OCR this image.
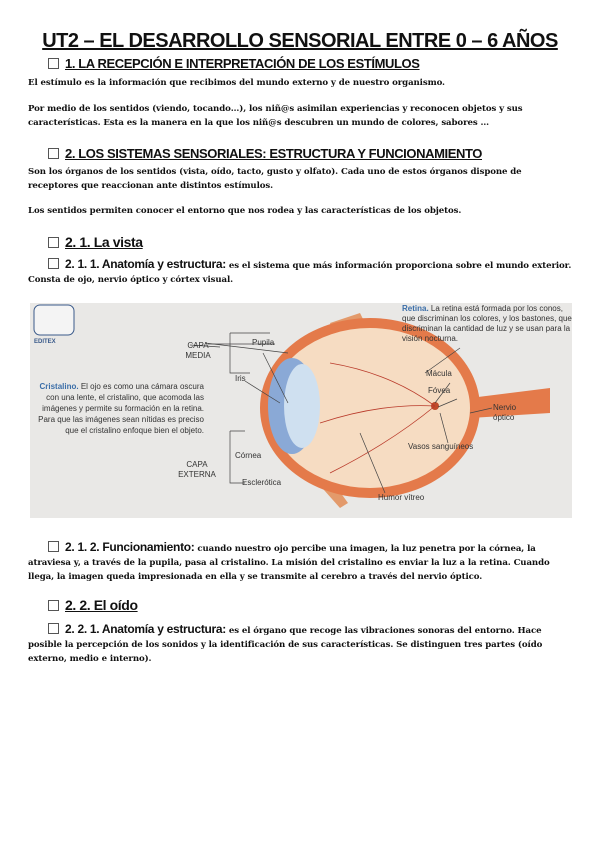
UT2 – EL DESARROLLO SENSORIAL ENTRE 0 – 6 AÑOS
1. LA RECEPCIÓN E INTERPRETACIÓN DE LOS ESTÍMULOS
El estímulo es la información que recibimos del mundo externo y de nuestro organismo.
Por medio de los sentidos (viendo, tocando…), los niñ@s asimilan experiencias y reconocen objetos y sus características. Esta es la manera en la que los niñ@s descubren un mundo de colores, sabores …
2. LOS SISTEMAS SENSORIALES: ESTRUCTURA Y FUNCIONAMIENTO
Son los órganos de los sentidos (vista, oído, tacto, gusto y olfato). Cada uno de estos órganos dispone de receptores que reaccionan ante distintos estímulos.
Los sentidos permiten conocer el entorno que nos rodea y las características de los objetos.
2. 1. La vista
2. 1. 1. Anatomía y estructura: es el sistema que más información proporciona sobre el mundo exterior. Consta de ojo, nervio óptico y córtex visual.
EDITEX	CAPA MEDIA
Pupila
Iris
Cristalino. El ojo es como una cámara oscura con una lente, el cristalino, que acomoda las imágenes y permite su formación en la retina. Para que las imágenes sean nítidas es preciso que el cristalino enfoque bien el objeto.
Córnea
CAPA EXTERNA
Esclerótica
Retina. La retina está formada por los conos, que discriminan los colores, y los bastones, que discriminan la cantidad de luz y se usan para la visión nocturna.
Mácula
Fóvea
Nervio óptico
Vasos sanguíneos
Humor vítreo
2. 1. 2. Funcionamiento: cuando nuestro ojo percibe una imagen, la luz penetra por la córnea, la atraviesa y, a través de la pupila, pasa al cristalino. La misión del cristalino es enviar la luz a la retina. Cuando llega, la imagen queda impresionada en ella y se transmite al cerebro a través del nervio óptico.
2. 2. El oído
2. 2. 1. Anatomía y estructura: es el órgano que recoge las vibraciones sonoras del entorno. Hace posible la percepción de los sonidos y la identificación de sus características. Se distinguen tres partes (oído externo, medio e interno).
